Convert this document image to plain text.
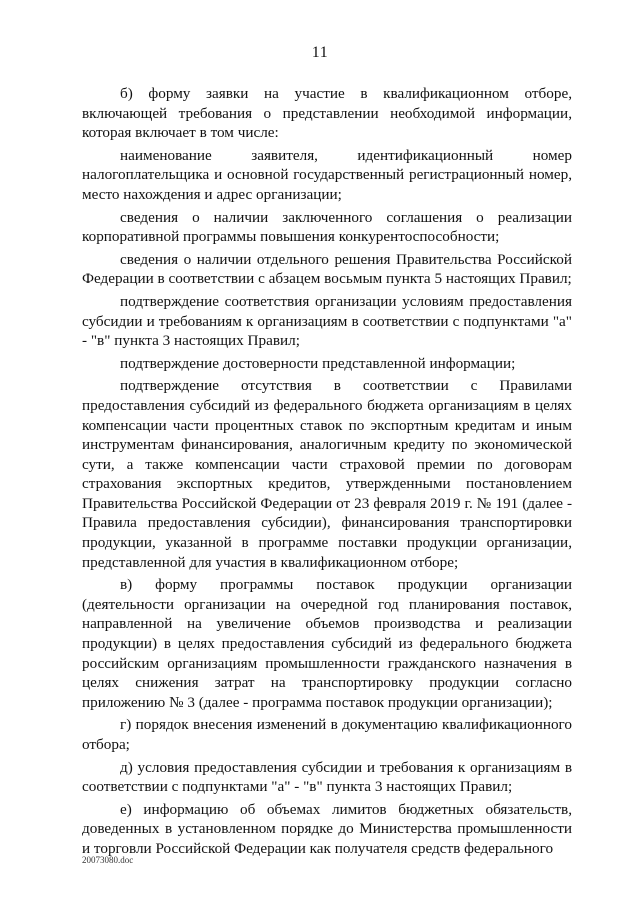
11

б) форму заявки на участие в квалификационном отборе, включающей требования о представлении необходимой информации, которая включает в том числе:

наименование заявителя, идентификационный номер налогоплательщика и основной государственный регистрационный номер, место нахождения и адрес организации;

сведения о наличии заключенного соглашения о реализации корпоративной программы повышения конкурентоспособности;

сведения о наличии отдельного решения Правительства Российской Федерации в соответствии с абзацем восьмым пункта 5 настоящих Правил;

подтверждение соответствия организации условиям предоставления субсидии и требованиям к организациям в соответствии с подпунктами "а" - "в" пункта 3 настоящих Правил;

подтверждение достоверности представленной информации;

подтверждение отсутствия в соответствии с Правилами предоставления субсидий из федерального бюджета организациям в целях компенсации части процентных ставок по экспортным кредитам и иным инструментам финансирования, аналогичным кредиту по экономической сути, а также компенсации части страховой премии по договорам страхования экспортных кредитов, утвержденными постановлением Правительства Российской Федерации от 23 февраля 2019 г. № 191 (далее - Правила предоставления субсидии), финансирования транспортировки продукции, указанной в программе поставки продукции организации, представленной для участия в квалификационном отборе;

в) форму программы поставок продукции организации (деятельности организации на очередной год планирования поставок, направленной на увеличение объемов производства и реализации продукции) в целях предоставления субсидий из федерального бюджета российским организациям промышленности гражданского назначения в целях снижения затрат на транспортировку продукции согласно приложению № 3 (далее - программа поставок продукции организации);

г) порядок внесения изменений в документацию квалификационного отбора;

д) условия предоставления субсидии и требования к организациям в соответствии с подпунктами "а" - "в" пункта 3 настоящих Правил;

е) информацию об объемах лимитов бюджетных обязательств, доведенных в установленном порядке до Министерства промышленности и торговли Российской Федерации как получателя средств федерального

20073080.doc
